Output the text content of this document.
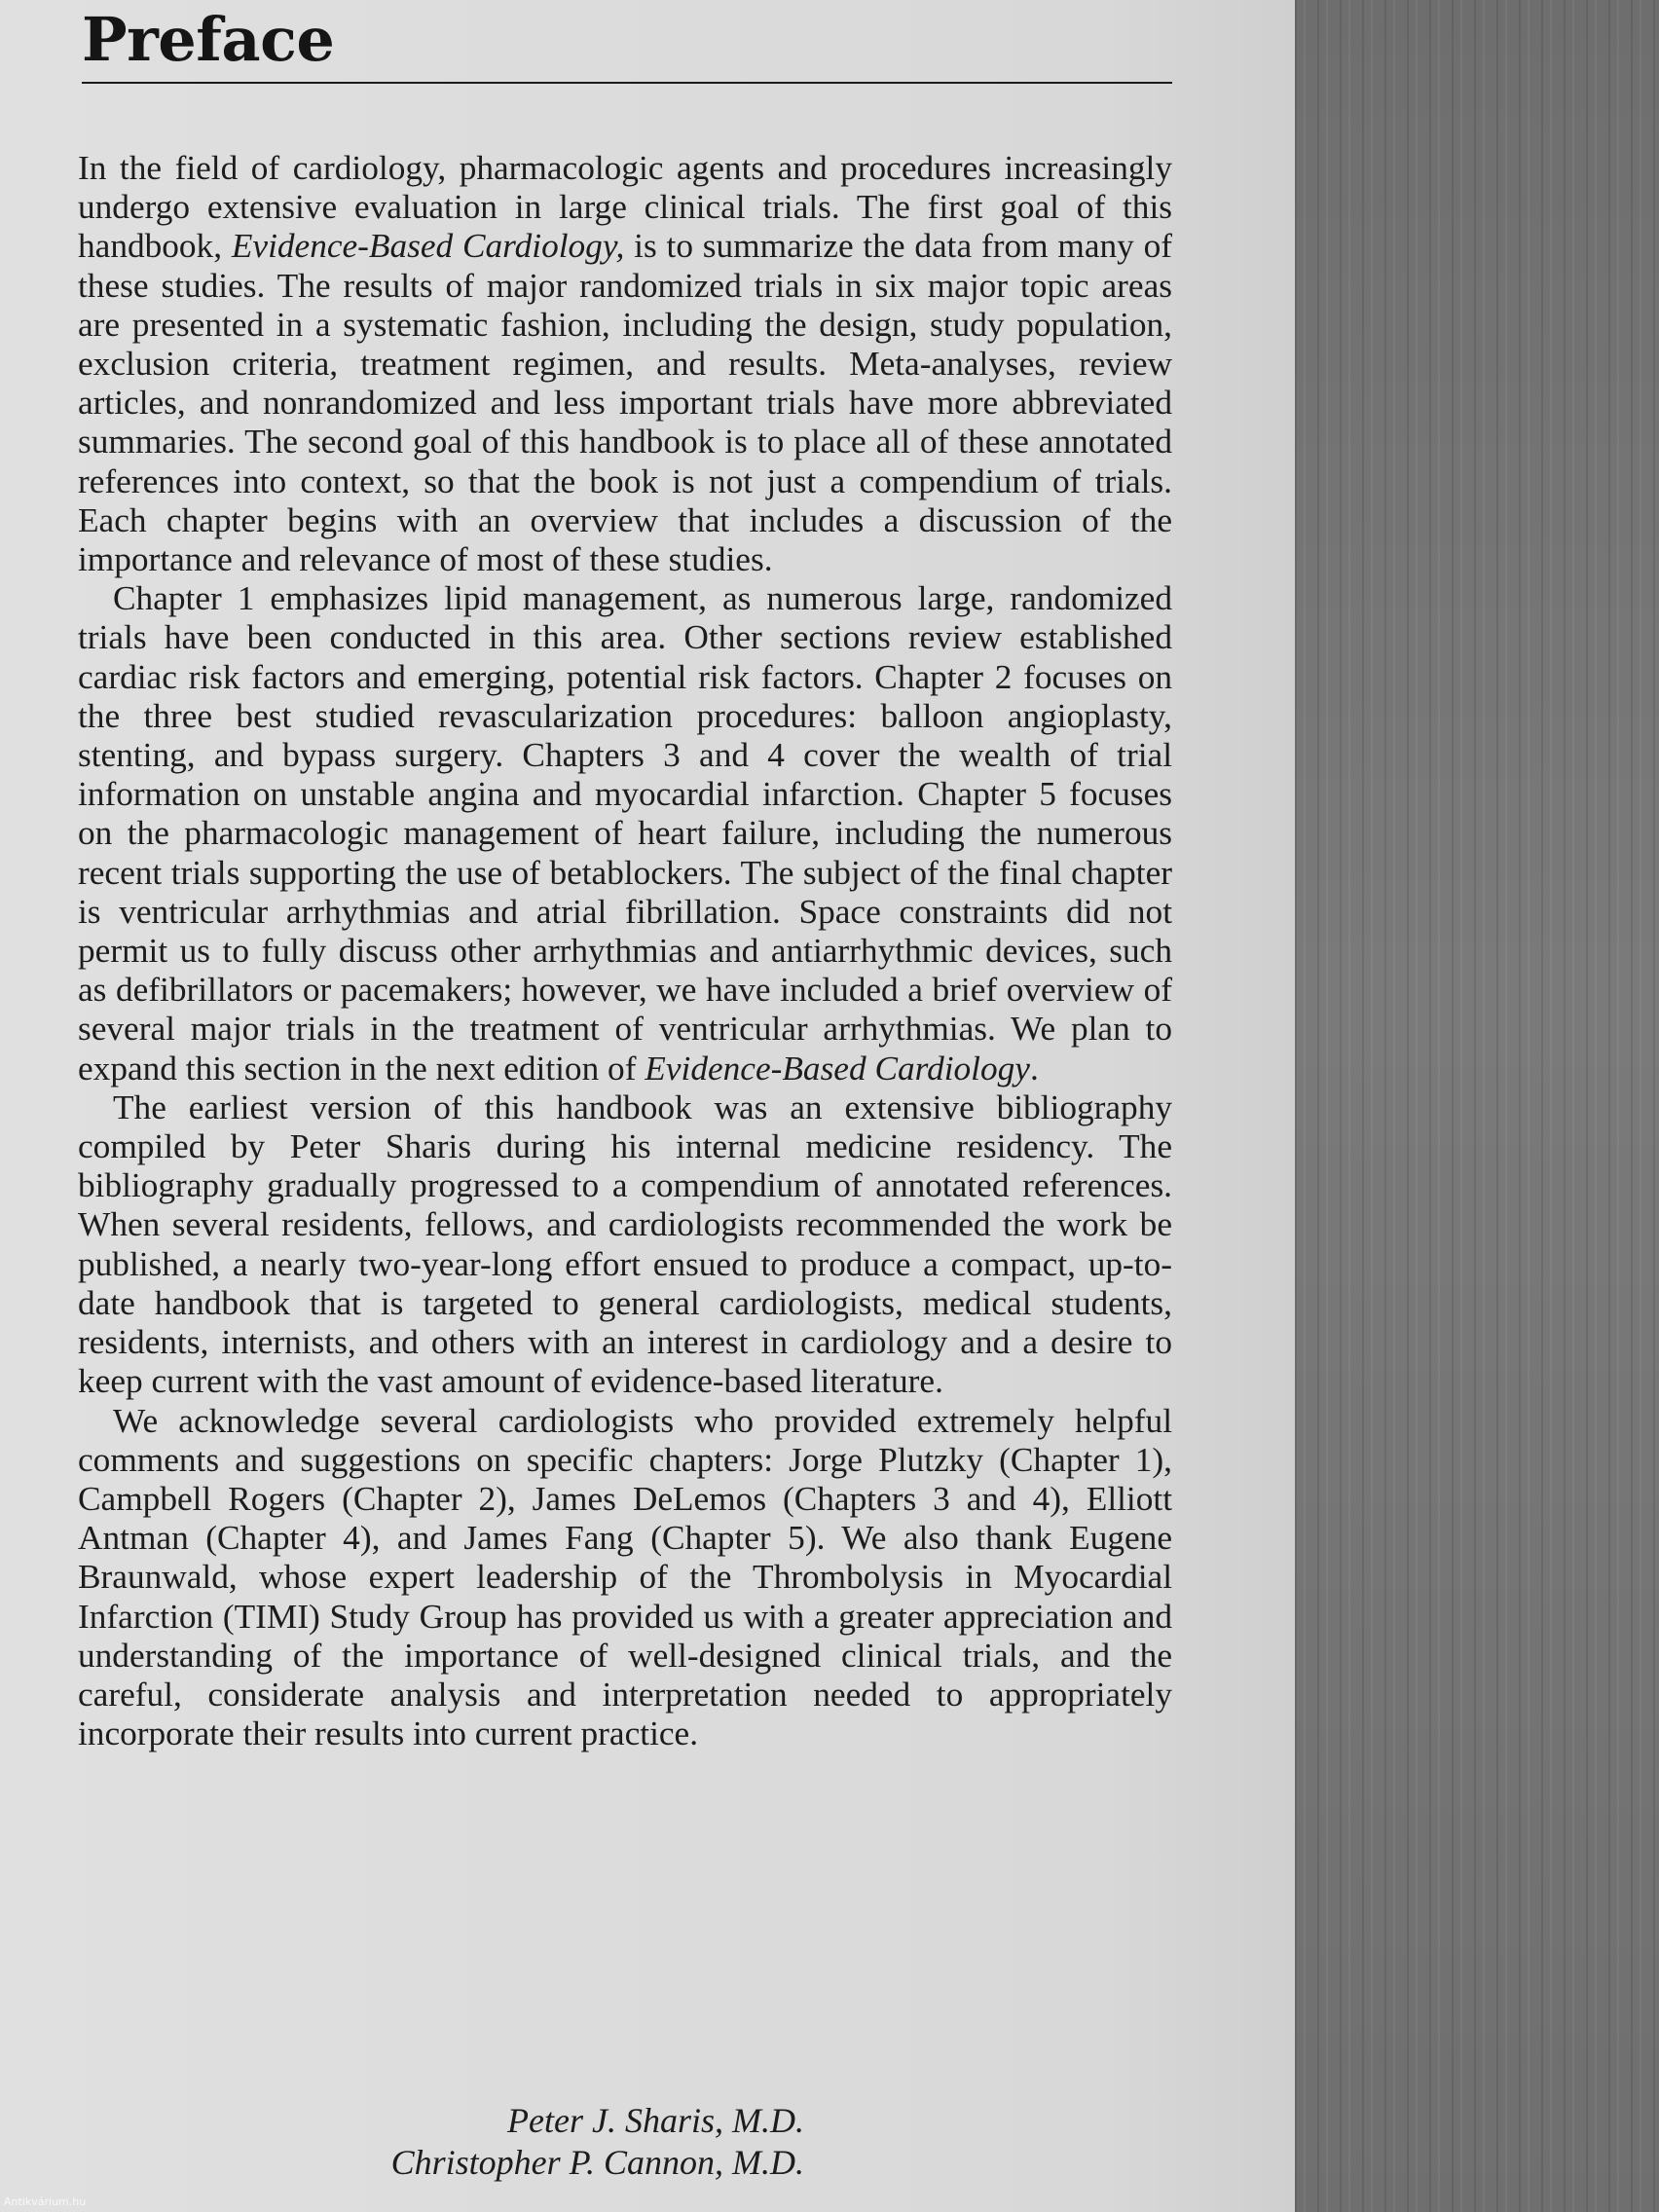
Preface

In the field of cardiology, pharmacologic agents and procedures increasingly undergo extensive evaluation in large clinical trials. The first goal of this handbook, Evidence-Based Cardiology, is to summarize the data from many of these studies. The results of major randomized trials in six major topic areas are presented in a systematic fashion, including the design, study population, exclusion criteria, treatment regimen, and results. Meta-analyses, review articles, and nonrandomized and less important trials have more abbreviated summaries. The second goal of this handbook is to place all of these annotated references into context, so that the book is not just a compendium of trials. Each chapter begins with an overview that includes a discussion of the importance and relevance of most of these studies.

Chapter 1 emphasizes lipid management, as numerous large, randomized trials have been conducted in this area. Other sections review established cardiac risk factors and emerging, potential risk factors. Chapter 2 focuses on the three best studied revascularization procedures: balloon angioplasty, stenting, and bypass surgery. Chapters 3 and 4 cover the wealth of trial information on unstable angina and myocardial infarction. Chapter 5 focuses on the pharmacologic management of heart failure, including the numerous recent trials supporting the use of betablockers. The subject of the final chapter is ventricular arrhythmias and atrial fibrillation. Space constraints did not permit us to fully discuss other arrhythmias and antiarrhythmic devices, such as defibrillators or pacemakers; however, we have included a brief overview of several major trials in the treatment of ventricular arrhythmias. We plan to expand this section in the next edition of Evidence-Based Cardiology.

The earliest version of this handbook was an extensive bibliography compiled by Peter Sharis during his internal medicine residency. The bibliography gradually progressed to a compendium of annotated references. When several residents, fellows, and cardiologists recommended the work be published, a nearly two-year-long effort ensued to produce a compact, up-to-date handbook that is targeted to general cardiologists, medical students, residents, internists, and others with an interest in cardiology and a desire to keep current with the vast amount of evidence-based literature.

We acknowledge several cardiologists who provided extremely helpful comments and suggestions on specific chapters: Jorge Plutzky (Chapter 1), Campbell Rogers (Chapter 2), James DeLemos (Chapters 3 and 4), Elliott Antman (Chapter 4), and James Fang (Chapter 5). We also thank Eugene Braunwald, whose expert leadership of the Thrombolysis in Myocardial Infarction (TIMI) Study Group has provided us with a greater appreciation and understanding of the importance of well-designed clinical trials, and the careful, considerate analysis and interpretation needed to appropriately incorporate their results into current practice.

Peter J. Sharis, M.D.
Christopher P. Cannon, M.D.
Antikvárium.hu
